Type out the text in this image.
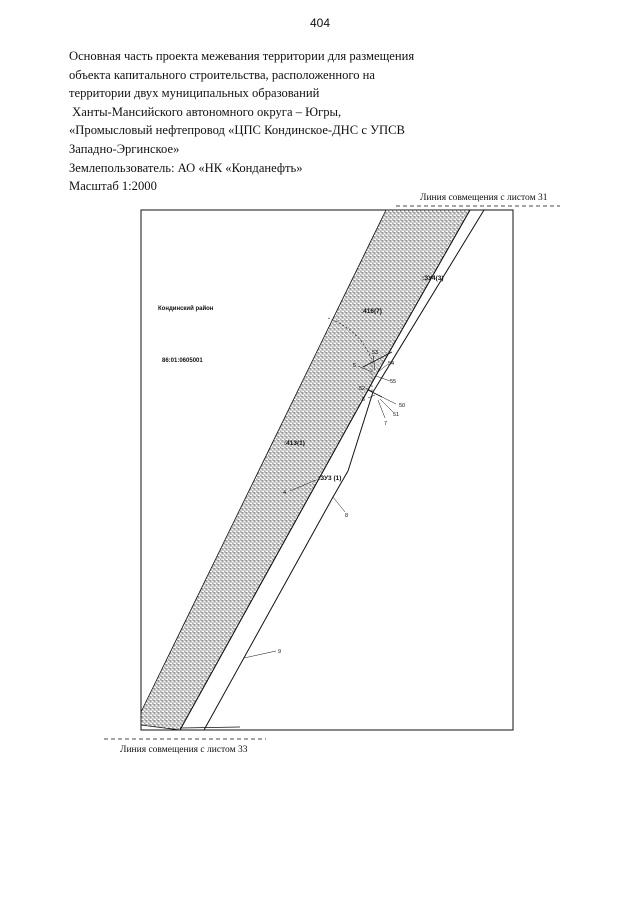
404
Основная часть проекта межевания территории для размещения
объекта капитального строительства, расположенного на
территории двух муниципальных образований
Ханты-Мансийского автономного округа – Югры,
«Промысловый нефтепровод «ЦПС Кондинское-ДНС с УПСВ
Западно-Эргинское»
Землепользователь: АО «НК «Конданефть»
Масштаб 1:2000
Линия совмещения с листом 31
Линия совмещения с листом 33
Кондинский район
86:01:0605001
:416(7)
:ЗУ4(3)
:413(1)
:ЗУ3 (1)
53
5	54
55
52
6
50
51
7
4
8
9
